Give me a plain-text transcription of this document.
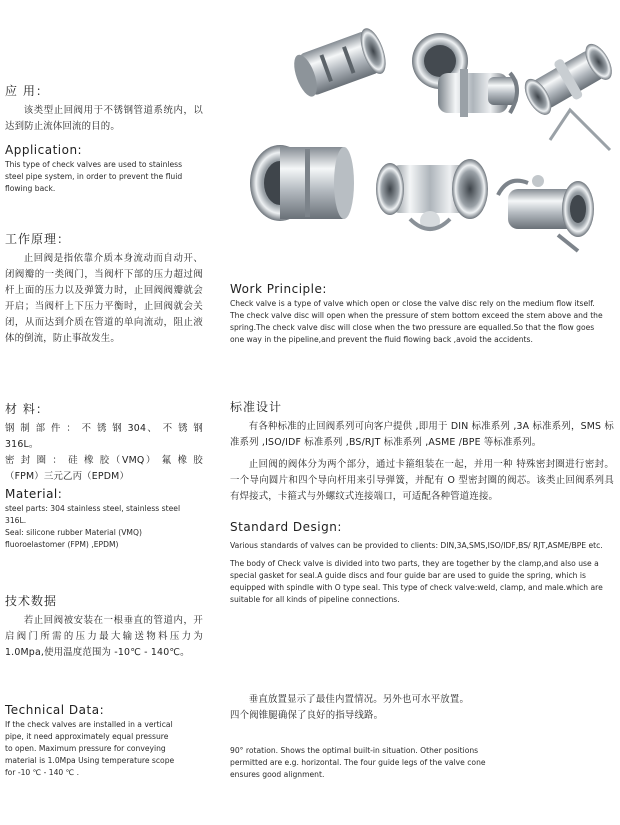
应 用：

该类型止回阀用于不锈钢管道系统内，以达到防止流体回流的目的。

Application:

This type of check valves are used to stainless steel pipe system, in order to prevent the fluid flowing back.

工作原理：

止回阀是指依靠介质本身流动而自动开、闭阀瓣的一类阀门，当阀杆下部的压力超过阀杆上面的压力以及弹簧力时，止回阀阀瓣就会开启；当阀杆上下压力平衡时，止回阀就会关闭，从而达到介质在管道的单向流动，阻止液体的倒流，防止事故发生。

材 料：

钢 制 部 件 ： 不 锈 钢 304、 不 锈 钢 316L。

密 封 圈 ： 硅 橡 胶（VMQ） 氟 橡 胶（FPM）三元乙丙（EPDM）

Material:

steel parts: 304 stainless steel, stainless steel 316L.

Seal: silicone rubber Material (VMQ) fluoroelastomer (FPM) ,EPDM)

技术数据

若止回阀被安装在一根垂直的管道内，开启阀门所需的压力最大输送物料压力为1.0Mpa,使用温度范围为 -10℃ - 140℃。

Technical Data:

If the check valves are installed in a vertical pipe, it need approximately equal pressure to open. Maximum pressure for conveying material is 1.0Mpa Using temperature scope for -10 ℃ - 140 ℃ .

Work Principle:

Check valve is a type of valve which open or close the valve disc rely on the medium flow itself. The check valve disc will open when the pressure of stem bottom exceed the stem above and the spring.The check valve disc will close when the two pressure are equalled.So that the flow goes one way in the pipeline,and prevent the fluid flowing back ,avoid the accidents.

标准设计

有各种标准的止回阀系列可向客户提供 ,即用于 DIN 标准系列 ,3A 标准系列，SMS 标准系列 ,ISO/IDF 标准系列 ,BS/RJT 标准系列 ,ASME /BPE 等标准系列。

止回阀的阀体分为两个部分，通过卡箍组装在一起，并用一种 特殊密封圈进行密封。一个导向圆片和四个导向杆用来引导弹簧，并配有 O 型密封圈的阀芯。该类止回阀系列具有焊接式，卡箍式与外螺纹式连接端口，可适配各种管道连接。

Standard Design:

Various standards of valves can be provided to clients: DIN,3A,SMS,ISO/IDF,BS/ RJT,ASME/BPE etc.

The body of Check valve is divided into two parts, they are together by the clamp,and also use a special gasket for seal.A guide discs and four guide bar are used to guide the spring, which is equipped with spindle with O type seal. This type of check valve:weld, clamp, and male.which are suitable for all kinds of pipeline connections.

垂直放置显示了最佳内置情况。另外也可水平放置。

四个阀锥腿确保了良好的指导线路。

90° rotation. Shows the optimal built-in situation. Other positions permitted are e.g. horizontal. The four guide legs of the valve cone ensures good alignment.
